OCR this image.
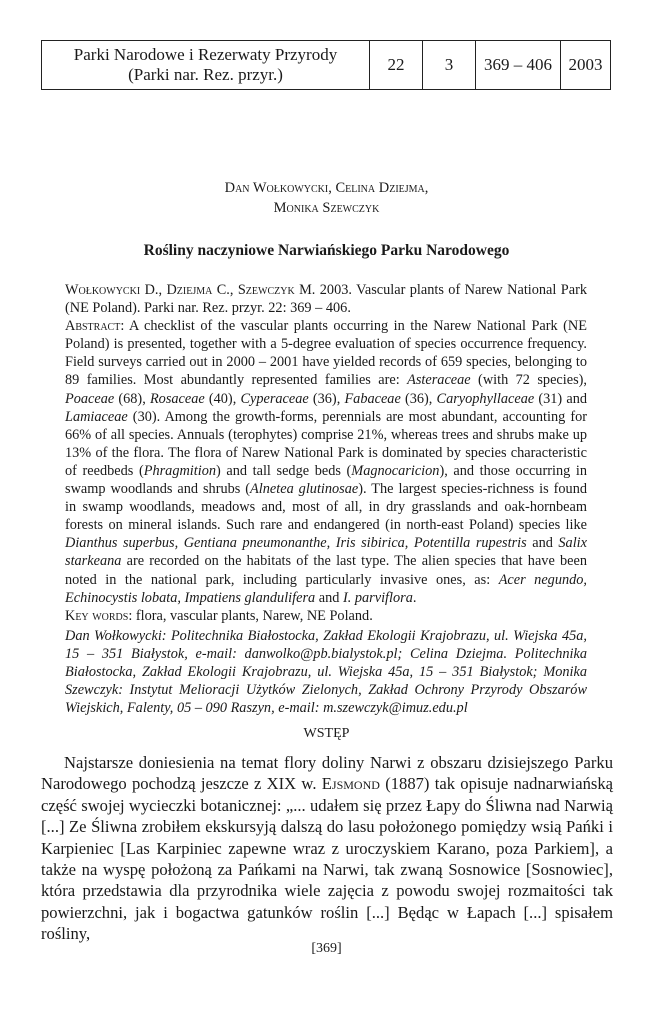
Parki Narodowe i Rezerwaty Przyrody
(Parki nar. Rez. przyr.)
	22	3	369 – 406	2003
Dan Wołkowycki, Celina Dziejma,
Monika Szewczyk
Rośliny naczyniowe Narwiańskiego Parku Narodowego

Wołkowycki D., Dziejma C., Szewczyk M. 2003. Vascular plants of Narew National Park (NE Poland). Parki nar. Rez. przyr. 22: 369 – 406.

Abstract: A checklist of the vascular plants occurring in the Narew National Park (NE Poland) is presented, together with a 5-degree evaluation of species occurrence frequency. Field surveys carried out in 2000 – 2001 have yielded records of 659 species, belonging to 89 families. Most abundantly represented families are: Asteraceae (with 72 species), Poaceae (68), Rosaceae (40), Cyperaceae (36), Fabaceae (36), Caryophyllaceae (31) and Lamiaceae (30). Among the growth-forms, perennials are most abundant, accounting for 66% of all species. Annuals (terophytes) comprise 21%, whereas trees and shrubs make up 13% of the flora. The flora of Narew National Park is dominated by species characteristic of reedbeds (Phragmition) and tall sedge beds (Magnocaricion), and those occurring in swamp woodlands and shrubs (Alnetea glutinosae). The largest species-richness is found in swamp woodlands, meadows and, most of all, in dry grasslands and oak-hornbeam forests on mineral islands. Such rare and endangered (in north-east Poland) species like Dianthus superbus, Gentiana pneumonanthe, Iris sibirica, Potentilla rupestris and Salix starkeana are recorded on the habitats of the last type. The alien species that have been noted in the national park, including particularly invasive ones, as: Acer negundo, Echinocystis lobata, Impatiens glandulifera and I. parviflora.

Key words: flora, vascular plants, Narew, NE Poland.

Dan Wołkowycki: Politechnika Białostocka, Zakład Ekologii Krajobrazu, ul. Wiejska 45a, 15 – 351 Białystok, e-mail: danwolko@pb.bialystok.pl; Celina Dziejma. Politechnika Białostocka, Zakład Ekologii Krajobrazu, ul. Wiejska 45a, 15 – 351 Białystok; Monika Szewczyk: Instytut Melioracji Użytków Zielonych, Zakład Ochrony Przyrody Obszarów Wiejskich, Falenty, 05 – 090 Raszyn, e-mail: m.szewczyk@imuz.edu.pl

WSTĘP

Najstarsze doniesienia na temat flory doliny Narwi z obszaru dzisiejszego Parku Narodowego pochodzą jeszcze z XIX w. Ejsmond (1887) tak opisuje nadnarwiańską część swojej wycieczki botanicznej: „... udałem się przez Łapy do Śliwna nad Narwią [...] Ze Śliwna zrobiłem ekskursyją dalszą do lasu położonego pomiędzy wsią Pańki i Karpieniec [Las Karpiniec zapewne wraz z uroczyskiem Karano, poza Parkiem], a także na wyspę położoną za Pańkami na Narwi, tak zwaną Sosnowice [Sosnowiec], która przedstawia dla przyrodnika wiele zajęcia z powodu swojej rozmaitości tak powierzchni, jak i bogactwa gatunków roślin [...] Będąc w Łapach [...] spisałem rośliny,

[369]
